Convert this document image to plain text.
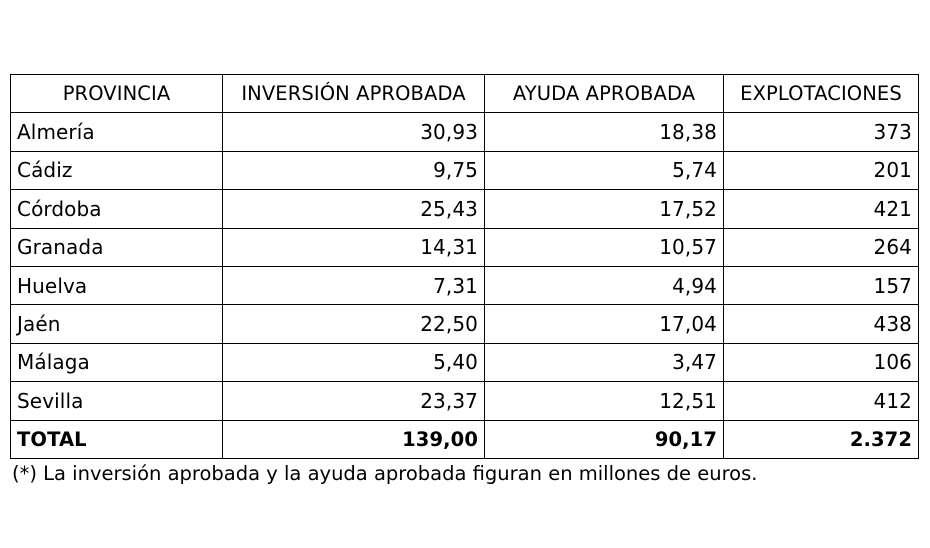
PROVINCIA	INVERSIÓN APROBADA	AYUDA APROBADA	EXPLOTACIONES
Almería	30,93	18,38	373
Cádiz	9,75	5,74	201
Córdoba	25,43	17,52	421
Granada	14,31	10,57	264
Huelva	7,31	4,94	157
Jaén	22,50	17,04	438
Málaga	5,40	3,47	106
Sevilla	23,37	12,51	412
TOTAL	139,00	90,17	2.372
(*) La inversión aprobada y la ayuda aprobada figuran en millones de euros.
